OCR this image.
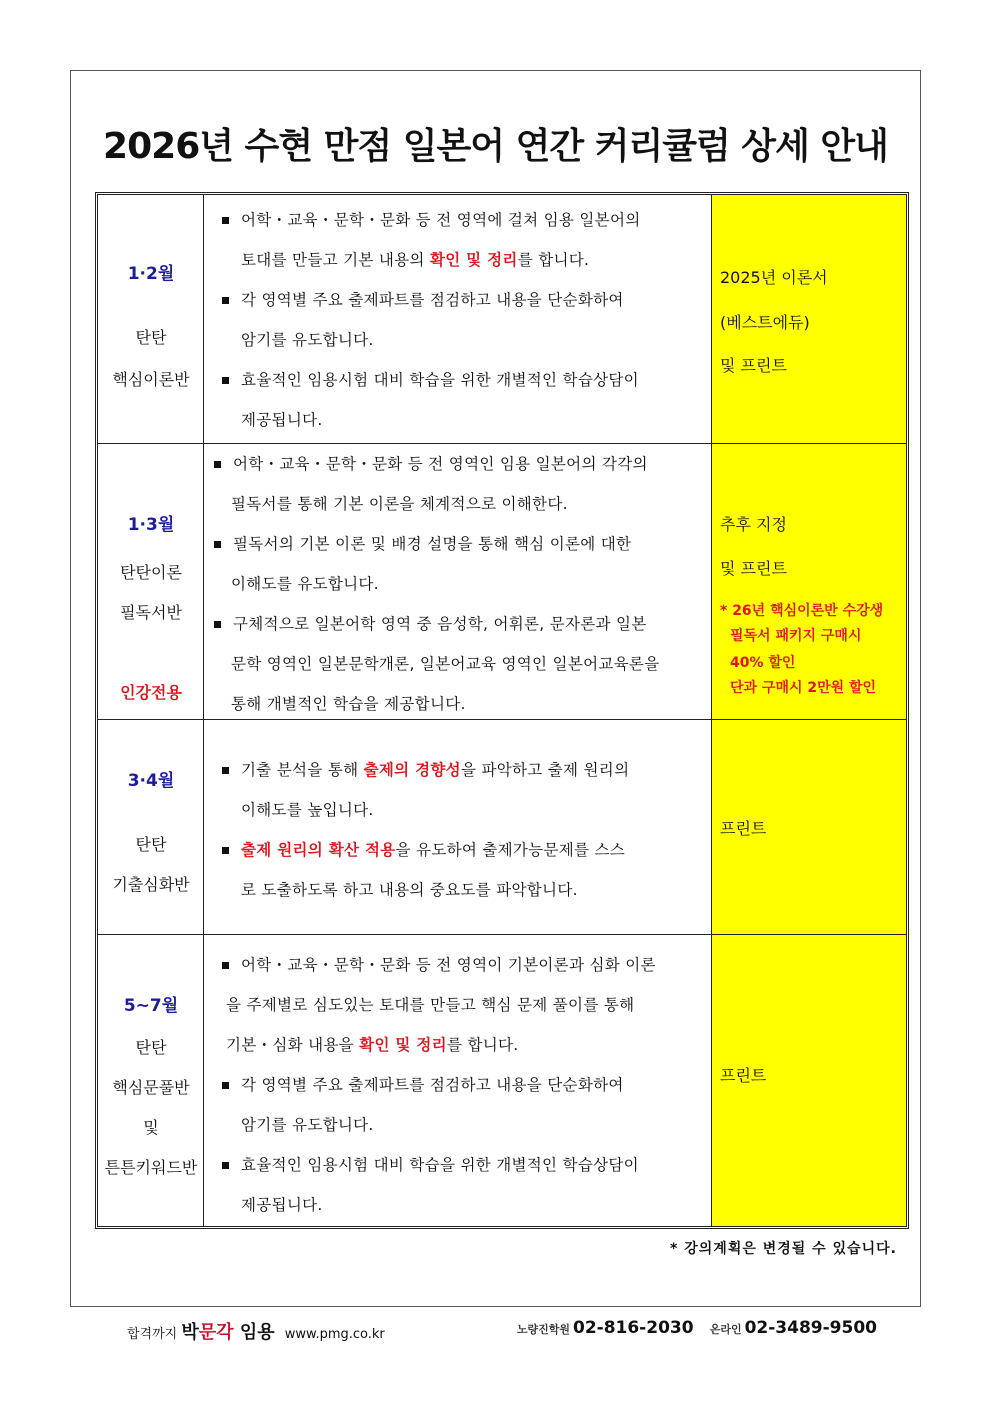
2026년 수현 만점 일본어 연간 커리큘럼 상세 안내
1·2월
탄탄
핵심이론반
어학・교육・문학・문화 등 전 영역에 걸쳐 임용 일본어의
토대를 만들고 기본 내용의 확인 및 정리를 합니다.
각 영역별 주요 출제파트를 점검하고 내용을 단순화하여
암기를 유도합니다.
효율적인 임용시험 대비 학습을 위한 개별적인 학습상담이
제공됩니다.
2025년 이론서
(베스트에듀)
및 프린트
1·3월
탄탄이론
필독서반
인강전용
어학・교육・문학・문화 등 전 영역인 임용 일본어의 각각의
필독서를 통해 기본 이론을 체계적으로 이해한다.
필독서의 기본 이론 및 배경 설명을 통해 핵심 이론에 대한
이해도를 유도합니다.
구체적으로 일본어학 영역 중 음성학, 어휘론, 문자론과 일본
문학 영역인 일본문학개론, 일본어교육 영역인 일본어교육론을
통해 개별적인 학습을 제공합니다.
추후 지정
및 프린트
* 26년 핵심이론반 수강생
필독서 패키지 구매시
40% 할인
단과 구매시 2만원 할인
3·4월
탄탄
기출심화반
기출 분석을 통해 출제의 경향성을 파악하고 출제 원리의
이해도를 높입니다.
출제 원리의 확산 적용을 유도하여 출제가능문제를 스스
로 도출하도록 하고 내용의 중요도를 파악합니다.
프린트
5~7월
탄탄
핵심문풀반
및
튼튼키워드반
어학・교육・문학・문화 등 전 영역이 기본이론과 심화 이론
을 주제별로 심도있는 토대를 만들고 핵심 문제 풀이를 통해
기본・심화 내용을 확인 및 정리를 합니다.
각 영역별 주요 출제파트를 점검하고 내용을 단순화하여
암기를 유도합니다.
효율적인 임용시험 대비 학습을 위한 개별적인 학습상담이
제공됩니다.
프린트
* 강의계획은 변경될 수 있습니다.
합격까지 박문각 임용 www.pmg.co.kr	노량진학원 02-816-2030 온라인 02-3489-9500
